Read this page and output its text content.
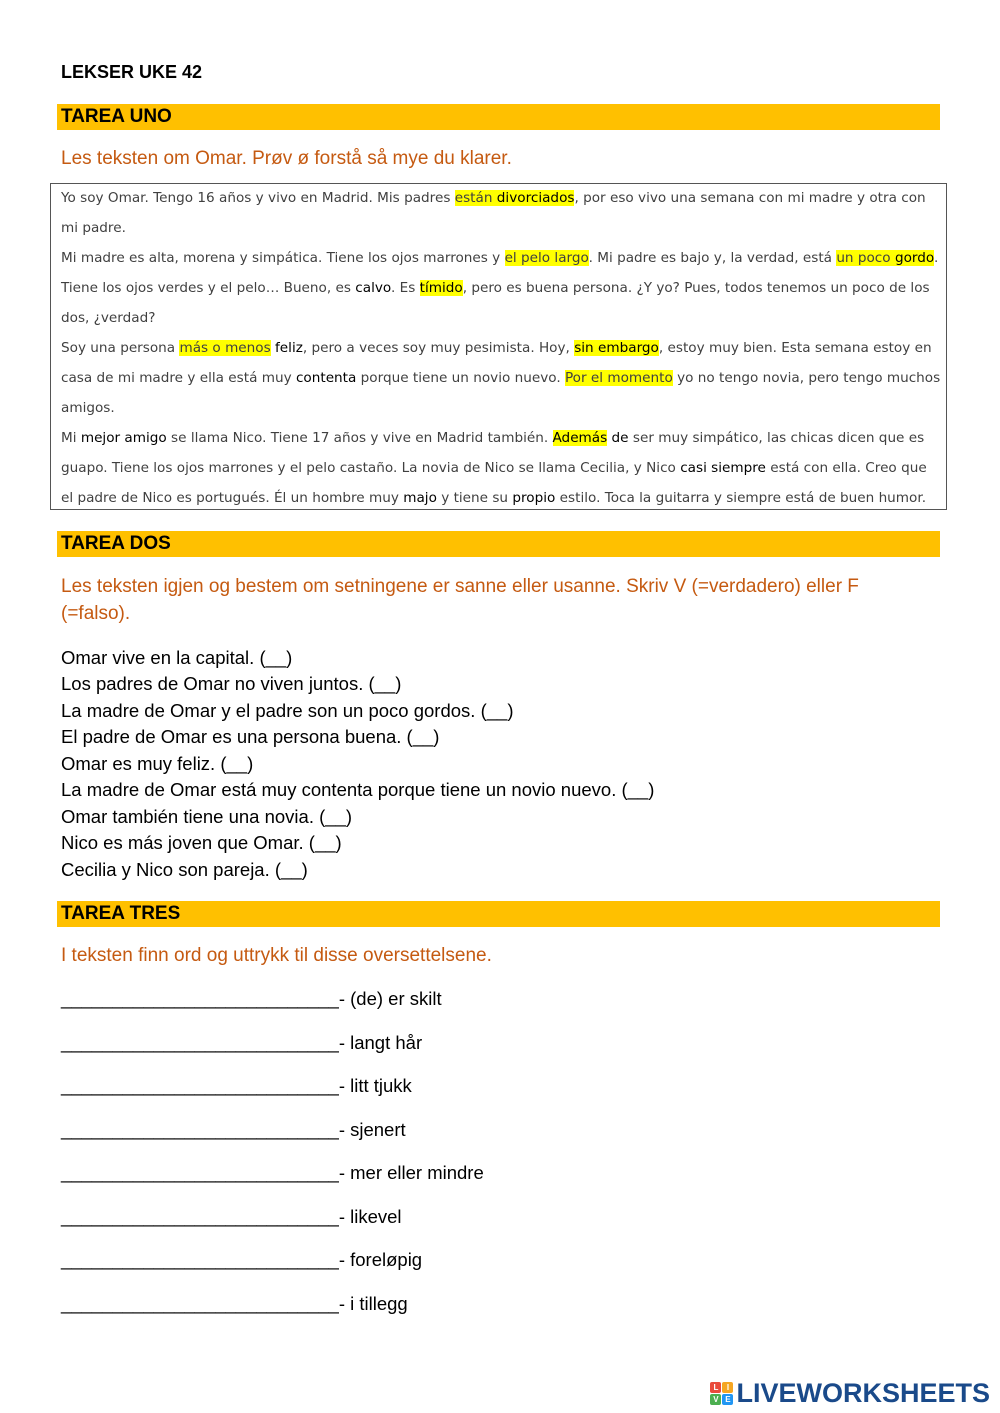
LEKSER UKE 42
TAREA UNO
Les teksten om Omar. Prøv ø forstå så mye du klarer.

Yo soy Omar. Tengo 16 años y vivo en Madrid. Mis padres están divorciados, por eso vivo una semana con mi madre y otra con mi padre.

Mi madre es alta, morena y simpática. Tiene los ojos marrones y el pelo largo. Mi padre es bajo y, la verdad, está un poco gordo. Tiene los ojos verdes y el pelo… Bueno, es calvo. Es tímido, pero es buena persona. ¿Y yo? Pues, todos tenemos un poco de los dos, ¿verdad?

Soy una persona más o menos feliz, pero a veces soy muy pesimista. Hoy, sin embargo, estoy muy bien. Esta semana estoy en casa de mi madre y ella está muy contenta porque tiene un novio nuevo. Por el momento yo no tengo novia, pero tengo muchos amigos.

Mi mejor amigo se llama Nico. Tiene 17 años y vive en Madrid también. Además de ser muy simpático, las chicas dicen que es guapo. Tiene los ojos marrones y el pelo castaño. La novia de Nico se llama Cecilia, y Nico casi siempre está con ella. Creo que el padre de Nico es portugués. Él un hombre muy majo y tiene su propio estilo. Toca la guitarra y siempre está de buen humor.

TAREA DOS
Les teksten igjen og bestem om setningene er sanne eller usanne. Skriv V (=verdadero) eller F
(=falso).
Omar vive en la capital. (__)
Los padres de Omar no viven juntos. (__)
La madre de Omar y el padre son un poco gordos. (__)
El padre de Omar es una persona buena. (__)
Omar es muy feliz. (__)
La madre de Omar está muy contenta porque tiene un novio nuevo. (__)
Omar también tiene una novia. (__)
Nico es más joven que Omar. (__)
Cecilia y Nico son pareja. (__)
TAREA TRES
I teksten finn ord og uttrykk til disse oversettelsene.
___________________________- (de) er skilt
___________________________- langt hår
___________________________- litt tjukk
___________________________- sjenert
___________________________- mer eller mindre
___________________________- likevel
___________________________- foreløpig
___________________________- i tillegg
L	I
V E LIVEWORKSHEETS
